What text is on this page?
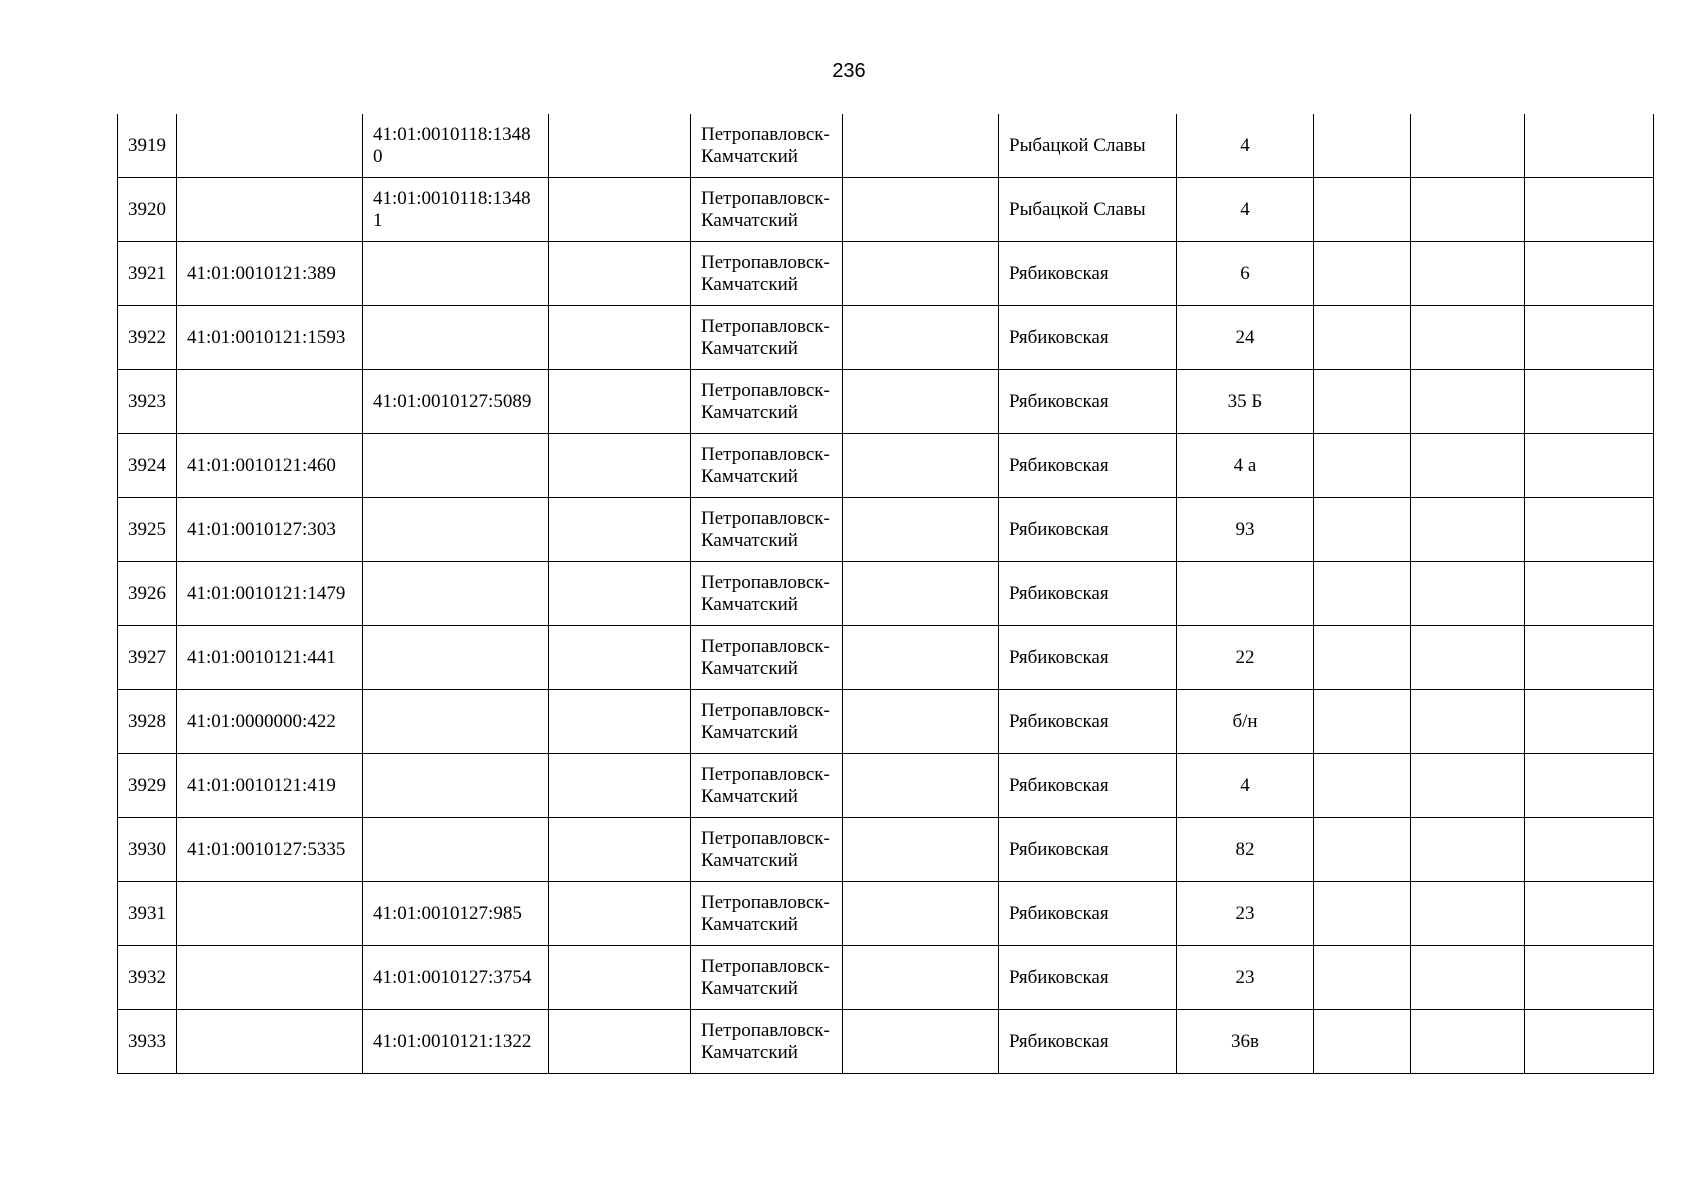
236
3919		41:01:0010118:13480		Петропавловск-Камчатский		Рыбацкой Славы	4			
3920		41:01:0010118:13481		Петропавловск-Камчатский		Рыбацкой Славы	4			
3921	41:01:0010121:389			Петропавловск-Камчатский		Рябиковская	6			
3922	41:01:0010121:1593			Петропавловск-Камчатский		Рябиковская	24			
3923		41:01:0010127:5089		Петропавловск-Камчатский		Рябиковская	35 Б			
3924	41:01:0010121:460			Петропавловск-Камчатский		Рябиковская	4 а			
3925	41:01:0010127:303			Петропавловск-Камчатский		Рябиковская	93			
3926	41:01:0010121:1479			Петропавловск-Камчатский		Рябиковская				
3927	41:01:0010121:441			Петропавловск-Камчатский		Рябиковская	22			
3928	41:01:0000000:422			Петропавловск-Камчатский		Рябиковская	б/н			
3929	41:01:0010121:419			Петропавловск-Камчатский		Рябиковская	4			
3930	41:01:0010127:5335			Петропавловск-Камчатский		Рябиковская	82			
3931		41:01:0010127:985		Петропавловск-Камчатский		Рябиковская	23			
3932		41:01:0010127:3754		Петропавловск-Камчатский		Рябиковская	23			
3933		41:01:0010121:1322		Петропавловск-Камчатский		Рябиковская	36в			
